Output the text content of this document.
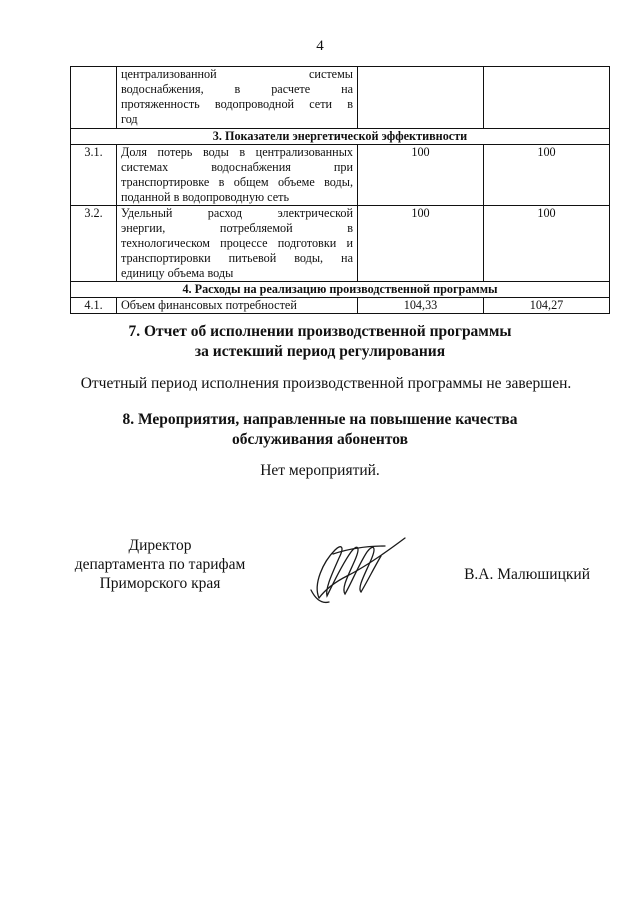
4

	централизованной системы
водоснабжения, в расчете на
протяженность водопроводной сети в
год		

3. Показатели энергетической эффективности			
3.1.	Доля потерь воды в централизованных
системах водоснабжения при
транспортировке в общем объеме воды,
поданной в водопроводную сеть	100	100
3.2.	Удельный расход электрической
энергии, потребляемой в
технологическом процессе подготовки и
транспортировки питьевой воды, на
единицу объема воды	100	100
4. Расходы на реализацию производственной программы			
4.1.	Объем финансовых потребностей	104,33	104,27
7. Отчет об исполнении производственной программы
за истекший период регулирования
Отчетный период исполнения производственной программы не завершен.
8. Мероприятия, направленные на повышение качества
обслуживания абонентов
Нет мероприятий.
Директор
департамента по тарифам
Приморского края
В.А. Малюшицкий
